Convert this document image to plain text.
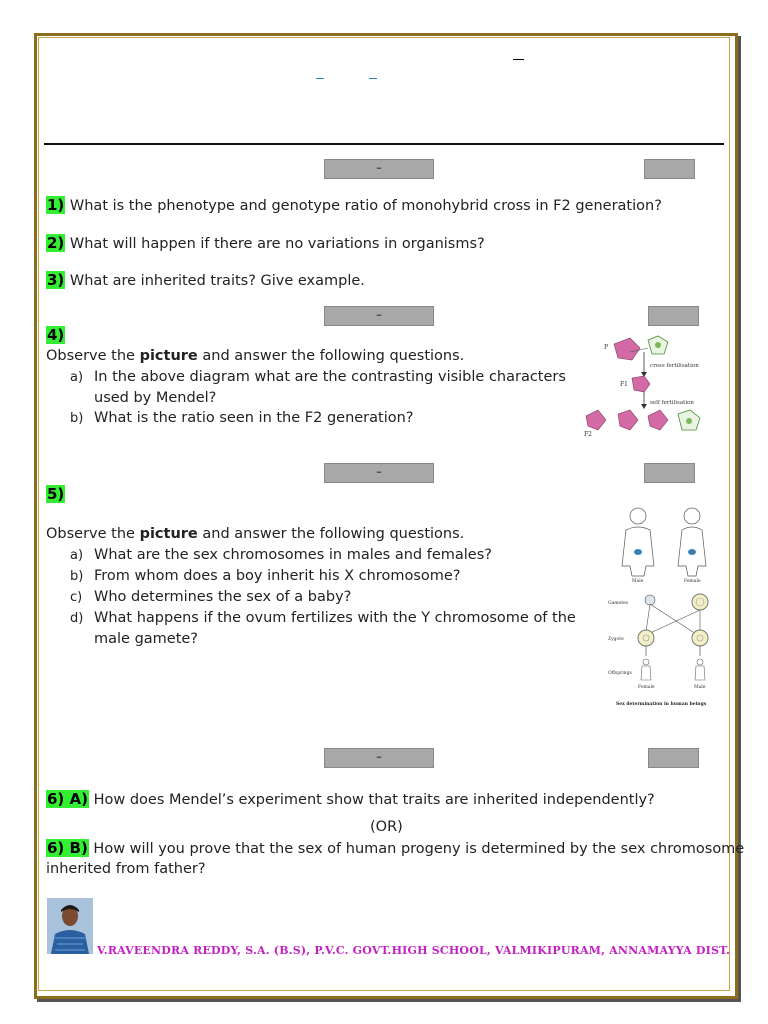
–
1) What is the phenotype and genotype ratio of monohybrid cross in F2 generation?
2) What will happen if there are no variations in organisms?
3) What are inherited traits? Give example.
–
4)
Observe the picture and answer the following questions.
a) In the above diagram what are the contrasting visible characters
used by Mendel?
b) What is the ratio seen in the F2 generation?
P
cross fertilisation
F1
self fertilisation
F2
–
5)
Observe the picture and answer the following questions.
a) What are the sex chromosomes in males and females?
b) From whom does a boy inherit his X chromosome?
c) Who determines the sex of a baby?
d) What happens if the ovum fertilizes with the Y chromosome of the
male gamete?
Male	Female
Gametes
Zygote
Offsprings
Female	Male
Sex determination in human beings
–
6) A) How does Mendel’s experiment show that traits are inherited independently?
(OR)
6) B) How will you prove that the sex of human progeny is determined by the sex chromosome
inherited from father?
V.RAVEENDRA REDDY, S.A. (B.S), P.V.C. GOVT.HIGH SCHOOL, VALMIKIPURAM, ANNAMAYYA DIST.
